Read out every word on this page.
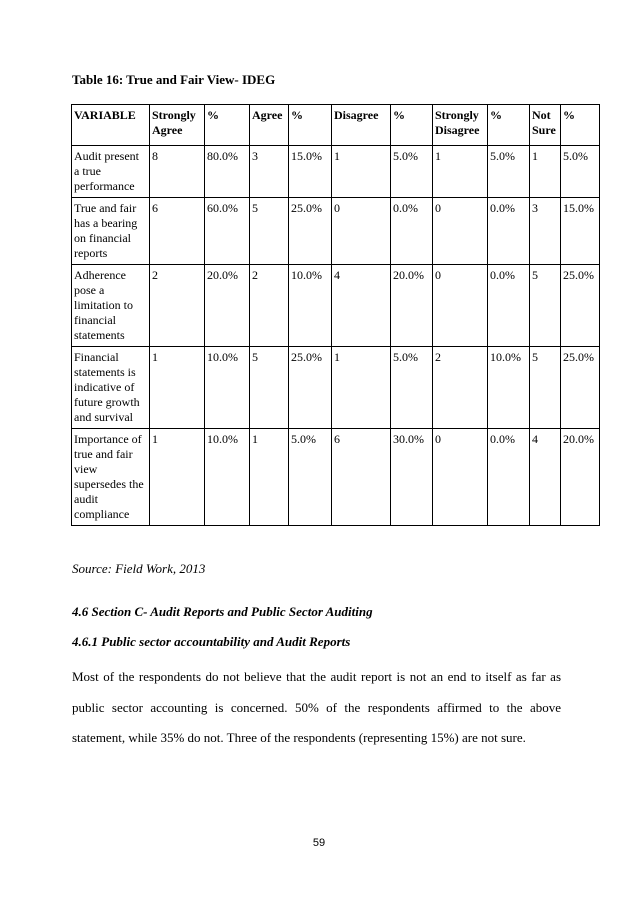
Table 16: True and Fair View- IDEG
VARIABLE	Strongly Agree	%	Agree	%	Disagree	%	Strongly Disagree	%	Not Sure	%
Audit present a true performance	8	80.0%	3	15.0%	1	5.0%	1	5.0%	1	5.0%
True and fair has a bearing on financial reports	6	60.0%	5	25.0%	0	0.0%	0	0.0%	3	15.0%
Adherence pose a limitation to financial statements	2	20.0%	2	10.0%	4	20.0%	0	0.0%	5	25.0%
Financial statements is indicative of future growth and survival	1	10.0%	5	25.0%	1	5.0%	2	10.0%	5	25.0%
Importance of true and fair view supersedes the audit compliance	1	10.0%	1	5.0%	6	30.0%	0	0.0%	4	20.0%
Source: Field Work, 2013
4.6 Section C- Audit Reports and Public Sector Auditing
4.6.1 Public sector accountability and Audit Reports
Most of the respondents do not believe that the audit report is not an end to itself as far as public sector accounting is concerned. 50% of the respondents affirmed to the above statement, while 35% do not. Three of the respondents (representing 15%) are not sure.
59
